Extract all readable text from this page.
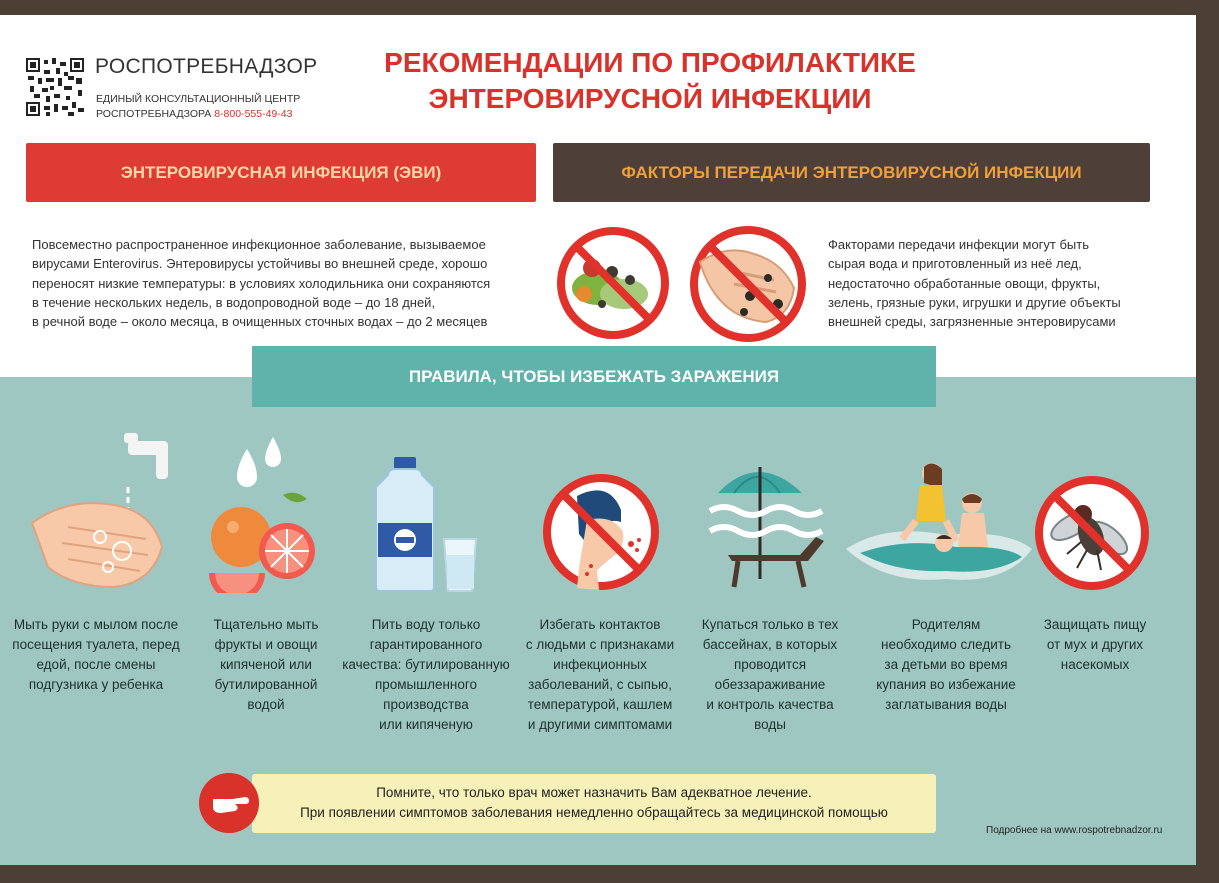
РОСПОТРЕБНАДЗОР
ЕДИНЫЙ КОНСУЛЬТАЦИОННЫЙ ЦЕНТР
РОСПОТРЕБНАДЗОРА 8-800-555-49-43
РЕКОМЕНДАЦИИ ПО ПРОФИЛАКТИКЕ
ЭНТЕРОВИРУСНОЙ ИНФЕКЦИИ
ЭНТЕРОВИРУСНАЯ ИНФЕКЦИЯ (ЭВИ)	ФАКТОРЫ ПЕРЕДАЧИ ЭНТЕРОВИРУСНОЙ ИНФЕКЦИИ
Повсеместно распространенное инфекционное заболевание, вызываемое
вирусами Enterovirus. Энтеровирусы устойчивы во внешней среде, хорошо
переносят низкие температуры: в условиях холодильника они сохраняются
в течение нескольких недель, в водопроводной воде – до 18 дней,
в речной воде – около месяца, в очищенных сточных водах – до 2 месяцев
Факторами передачи инфекции могут быть
сырая вода и приготовленный из неё лед,
недостаточно обработанные овощи, фрукты,
зелень, грязные руки, игрушки и другие объекты
внешней среды, загрязненные энтеровирусами
ПРАВИЛА, ЧТОБЫ ИЗБЕЖАТЬ ЗАРАЖЕНИЯ
Мыть руки с мылом после
посещения туалета, перед
едой, после смены
подгузника у ребенка
Тщательно мыть
фрукты и овощи
кипяченой или
бутилированной
водой
Пить воду только
гарантированного
качества: бутилированную
промышленного
производства
или кипяченую
Избегать контактов
с людьми с признаками
инфекционных
заболеваний, с сыпью,
температурой, кашлем
и другими симптомами
Купаться только в тех
бассейнах, в которых
проводится
обеззараживание
и контроль качества
воды
Родителям
необходимо следить
за детьми во время
купания во избежание
заглатывания воды
Защищать пищу
от мух и других
насекомых
Помните, что только врач может назначить Вам адекватное лечение.
При появлении симптомов заболевания немедленно обращайтесь за медицинской помощью
Подробнее на www.rospotrebnadzor.ru
